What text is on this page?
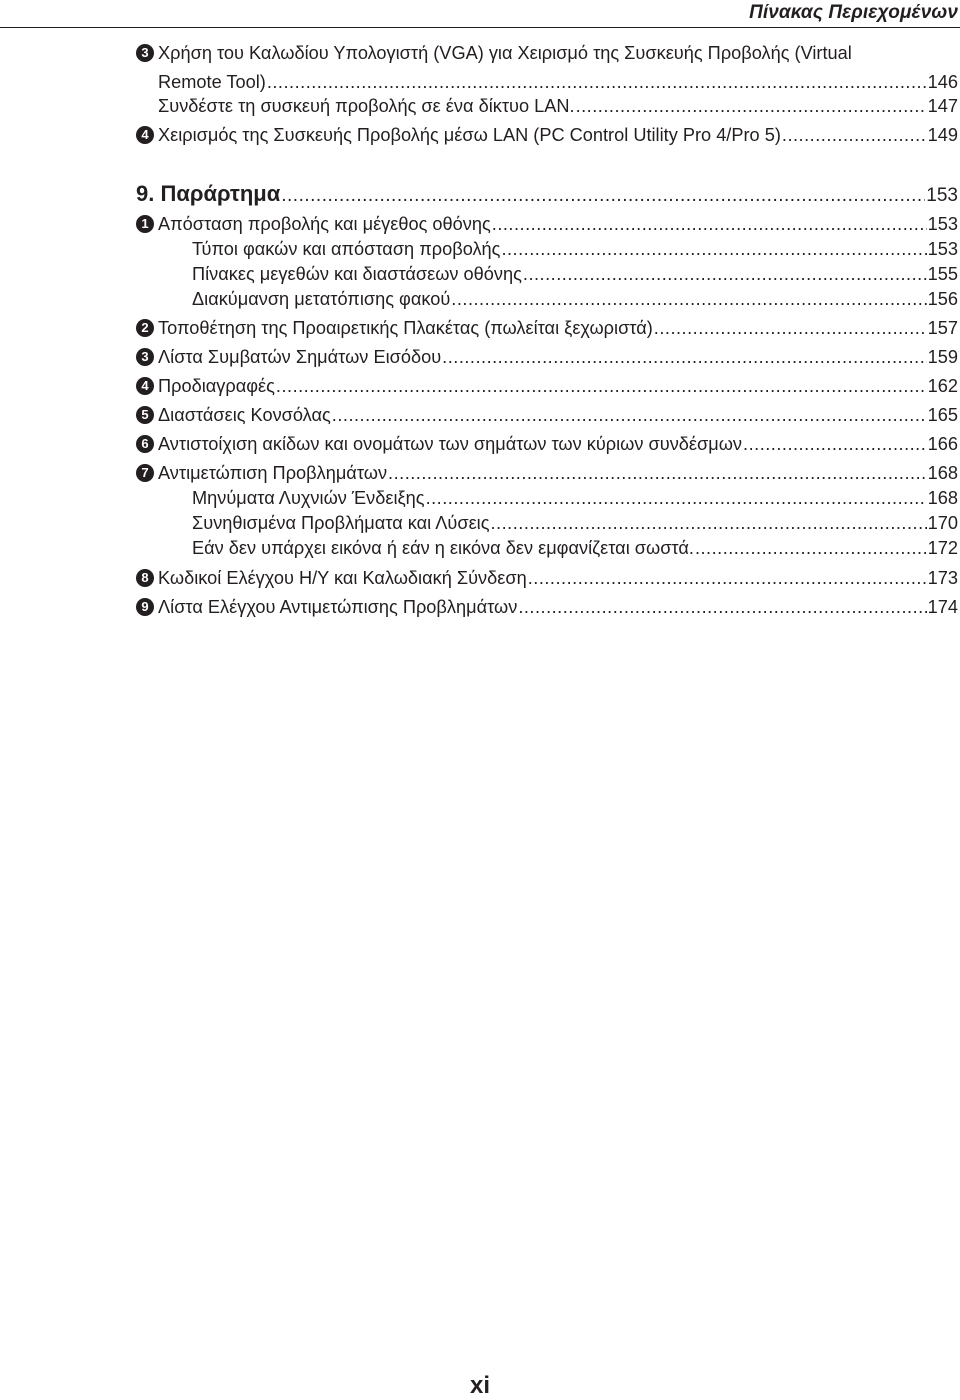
Πίνακας Περιεχομένων
3 Χρήση του Καλωδίου Υπολογιστή (VGA) για Χειρισμό της Συσκευής Προβολής (Virtual
Remote Tool) .....	146
Συνδέστε τη συσκευή προβολής σε ένα δίκτυο LAN. .....	147
4 Χειρισμός της Συσκευής Προβολής μέσω LAN (PC Control Utility Pro 4/Pro 5) .....	149
9. Παράρτημα .....	153
1 Απόσταση προβολής και μέγεθος οθόνης .....	153
Τύποι φακών και απόσταση προβολής .....	153
Πίνακες μεγεθών και διαστάσεων οθόνης .....	155
Διακύμανση μετατόπισης φακού .....	156
2 Τοποθέτηση της Προαιρετικής Πλακέτας (πωλείται ξεχωριστά) .....	157
3 Λίστα Συμβατών Σημάτων Εισόδου .....	159
4 Προδιαγραφές .....	162
5 Διαστάσεις Κονσόλας .....	165
6 Αντιστοίχιση ακίδων και ονομάτων των σημάτων των κύριων συνδέσμων .....	166
7 Αντιμετώπιση Προβλημάτων .....	168
Μηνύματα Λυχνιών Ένδειξης .....	168
Συνηθισμένα Προβλήματα και Λύσεις .....	170
Εάν δεν υπάρχει εικόνα ή εάν η εικόνα δεν εμφανίζεται σωστά. .....	172
8 Κωδικοί Ελέγχου Η/Υ και Καλωδιακή Σύνδεση .....	173
9 Λίστα Ελέγχου Αντιμετώπισης Προβλημάτων .....	174
xi
